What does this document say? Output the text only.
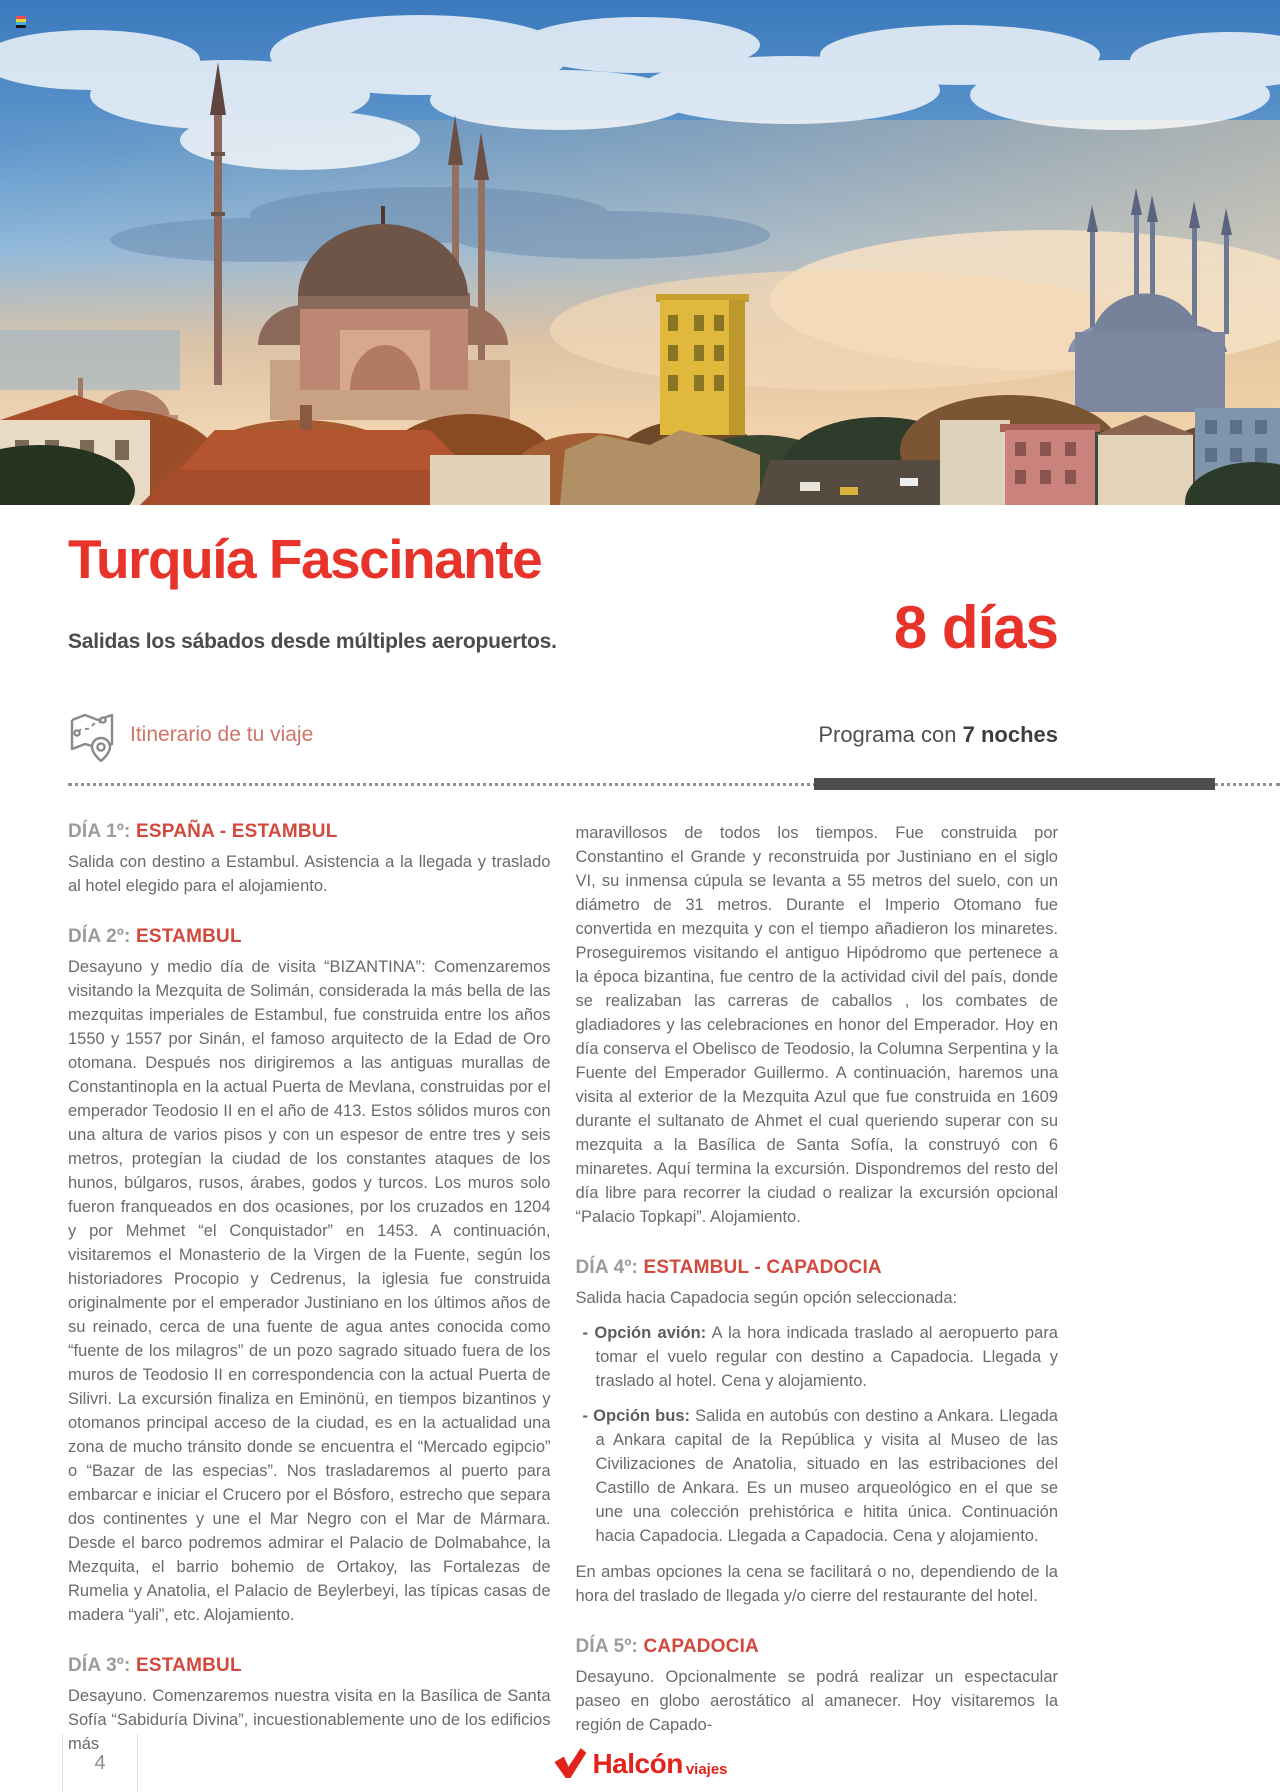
Turquía Fascinante

Salidas los sábados desde múltiples aeropuertos.	8 días
Itinerario de tu viaje	Programa con 7 noches
DÍA 1º: ESPAÑA - ESTAMBUL

Salida con destino a Estambul. Asistencia a la llegada y traslado al hotel elegido para el alojamiento.

DÍA 2º: ESTAMBUL

Desayuno y medio día de visita “BIZANTINA”: Comenzaremos visitando la Mezquita de Solimán, considerada la más bella de las mezquitas imperiales de Estambul, fue construida entre los años 1550 y 1557 por Sinán, el famoso arquitecto de la Edad de Oro otomana. Después nos dirigiremos a las antiguas murallas de Constantinopla en la actual Puerta de Mevlana, construidas por el emperador Teodosio II en el año de 413. Estos sólidos muros con una altura de varios pisos y con un espesor de entre tres y seis metros, protegían la ciudad de los constantes ataques de los hunos, búlgaros, rusos, árabes, godos y turcos. Los muros solo fueron franqueados en dos ocasiones, por los cruzados en 1204 y por Mehmet “el Conquistador” en 1453. A continuación, visitaremos el Monasterio de la Virgen de la Fuente, según los historiadores Procopio y Cedrenus, la iglesia fue construida originalmente por el emperador Justiniano en los últimos años de su reinado, cerca de una fuente de agua antes conocida como “fuente de los milagros” de un pozo sagrado situado fuera de los muros de Teodosio II en correspondencia con la actual Puerta de Silivri. La excursión finaliza en Eminönü, en tiempos bizantinos y otomanos principal acceso de la ciudad, es en la actualidad una zona de mucho tránsito donde se encuentra el “Mercado egipcio” o “Bazar de las especias”. Nos trasladaremos al puerto para embarcar e iniciar el Crucero por el Bósforo, estrecho que separa dos continentes y une el Mar Negro con el Mar de Mármara. Desde el barco podremos admirar el Palacio de Dolmabahce, la Mezquita, el barrio bohemio de Ortakoy, las Fortalezas de Rumelia y Anatolia, el Palacio de Beylerbeyi, las típicas casas de madera “yali”, etc. Alojamiento.

DÍA 3º: ESTAMBUL

Desayuno. Comenzaremos nuestra visita en la Basílica de Santa Sofía “Sabiduría Divina”, incuestionablemente uno de los edificios más

maravillosos de todos los tiempos. Fue construida por Constantino el Grande y reconstruida por Justiniano en el siglo VI, su inmensa cúpula se levanta a 55 metros del suelo, con un diámetro de 31 metros. Durante el Imperio Otomano fue convertida en mezquita y con el tiempo añadieron los minaretes. Proseguiremos visitando el antiguo Hipódromo que pertenece a la época bizantina, fue centro de la actividad civil del país, donde se realizaban las carreras de caballos , los combates de gladiadores y las celebraciones en honor del Emperador. Hoy en día conserva el Obelisco de Teodosio, la Columna Serpentina y la Fuente del Emperador Guillermo. A continuación, haremos una visita al exterior de la Mezquita Azul que fue construida en 1609 durante el sultanato de Ahmet el cual queriendo superar con su mezquita a la Basílica de Santa Sofía, la construyó con 6 minaretes. Aquí termina la excursión. Dispondremos del resto del día libre para recorrer la ciudad o realizar la excursión opcional “Palacio Topkapi”. Alojamiento.

DÍA 4º: ESTAMBUL - CAPADOCIA

Salida hacia Capadocia según opción seleccionada:

- Opción avión: A la hora indicada traslado al aeropuerto para tomar el vuelo regular con destino a Capadocia. Llegada y traslado al hotel. Cena y alojamiento.

- Opción bus: Salida en autobús con destino a Ankara. Llegada a Ankara capital de la República y visita al Museo de las Civilizaciones de Anatolia, situado en las estribaciones del Castillo de Ankara. Es un museo arqueológico en el que se une una colección prehistórica e hitita única. Continuación hacia Capadocia. Llegada a Capadocia. Cena y alojamiento.

En ambas opciones la cena se facilitará o no, dependiendo de la hora del traslado de llegada y/o cierre del restaurante del hotel.

DÍA 5º: CAPADOCIA

Desayuno. Opcionalmente se podrá realizar un espectacular paseo en globo aerostático al amanecer. Hoy visitaremos la región de Capado-

4	Halcón viajes
